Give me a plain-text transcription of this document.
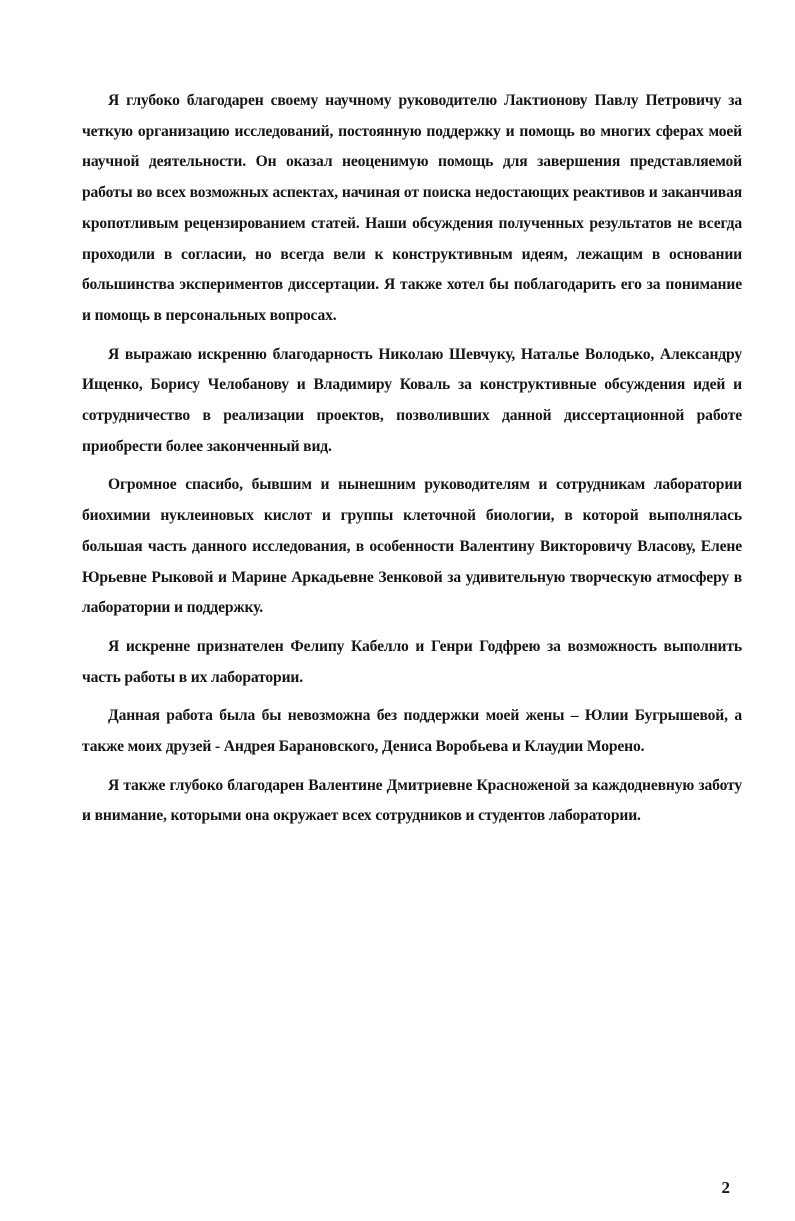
Я глубоко благодарен своему научному руководителю Лактионову Павлу Петровичу за четкую организацию исследований, постоянную поддержку и помощь во многих сферах моей научной деятельности. Он оказал неоценимую помощь для завершения представляемой работы во всех возможных аспектах, начиная от поиска недостающих реактивов и заканчивая кропотливым рецензированием статей. Наши обсуждения полученных результатов не всегда проходили в согласии, но всегда вели к конструктивным идеям, лежащим в основании большинства экспериментов диссертации. Я также хотел бы поблагодарить его за понимание и помощь в персональных вопросах.

Я выражаю искренню благодарность Николаю Шевчуку, Наталье Володько, Александру Ищенко, Борису Челобанову и Владимиру Коваль за конструктивные обсуждения идей и сотрудничество в реализации проектов, позволивших данной диссертационной работе приобрести более законченный вид.

Огромное спасибо, бывшим и нынешним руководителям и сотрудникам лаборатории биохимии нуклеиновых кислот и группы клеточной биологии, в которой выполнялась большая часть данного исследования, в особенности Валентину Викторовичу Власову, Елене Юрьевне Рыковой и Марине Аркадьевне Зенковой за удивительную творческую атмосферу в лаборатории и поддержку.

Я искренне признателен Фелипу Кабелло и Генри Годфрею за возможность выполнить часть работы в их лаборатории.

Данная работа была бы невозможна без поддержки моей жены – Юлии Бугрышевой, а также моих друзей - Андрея Барановского, Дениса Воробьева и Клаудии Морено.

Я также глубоко благодарен Валентине Дмитриевне Красноженой за каждодневную заботу и внимание, которыми она окружает всех сотрудников и студентов лаборатории.

2
